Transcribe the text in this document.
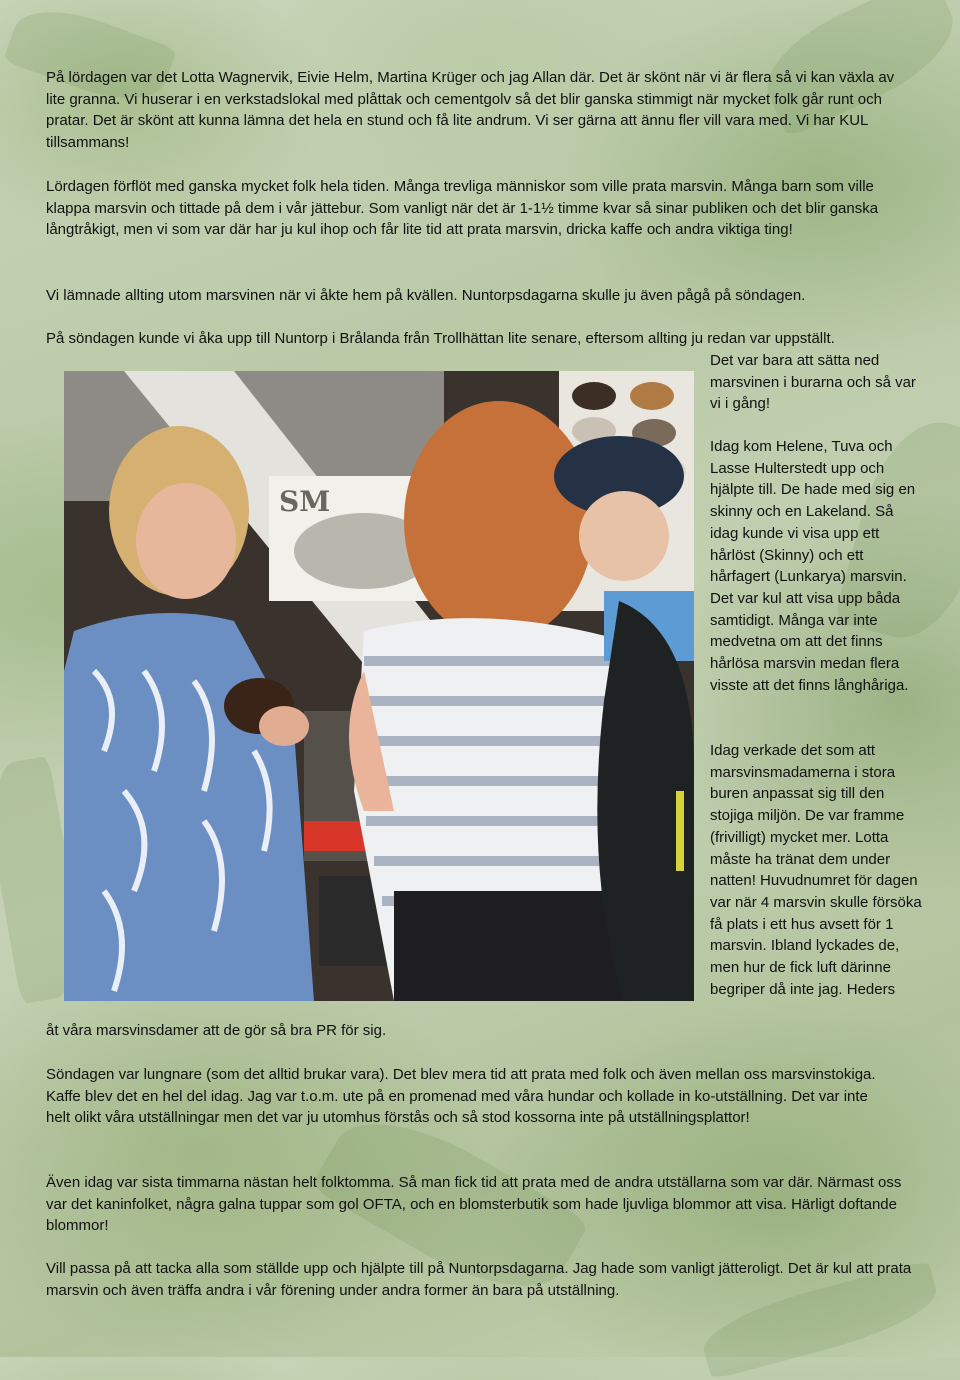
På lördagen var det Lotta Wagnervik, Eivie Helm, Martina Krüger och jag Allan där. Det är skönt när vi är flera så vi kan växla av lite granna. Vi huserar i en verkstadslokal med plåttak och cementgolv så det blir ganska stimmigt när mycket folk går runt och pratar. Det är skönt att kunna lämna det hela en stund och få lite andrum. Vi ser gärna att ännu fler vill vara med. Vi har KUL tillsammans!

Lördagen förflöt med ganska mycket folk hela tiden. Många trevliga människor som ville prata marsvin. Många barn som ville klappa marsvin och tittade på dem i vår jättebur. Som vanligt när det är 1-1½ timme kvar så sinar publiken och det blir ganska långtråkigt, men vi som var där har ju kul ihop och får lite tid att prata marsvin, dricka kaffe och andra viktiga ting!

Vi lämnade allting utom marsvinen när vi åkte hem på kvällen. Nuntorpsdagarna skulle ju även pågå på söndagen.

På söndagen kunde vi åka upp till Nuntorp i Brålanda från Trollhättan lite senare, eftersom allting ju redan var uppställt.

Det var bara att sätta ned marsvinen i burarna och så var vi i gång!

Idag kom Helene, Tuva och Lasse Hulterstedt upp och hjälpte till. De hade med sig en skinny och en Lakeland. Så idag kunde vi visa upp ett hårlöst (Skinny) och ett hårfagert (Lunkarya) marsvin. Det var kul att visa upp båda samtidigt. Många var inte medvetna om att det finns hårlösa marsvin medan flera visste att det finns långhåriga.

Idag verkade det som att marsvinsmadamerna i stora buren anpassat sig till den stojiga miljön. De var framme (frivilligt) mycket mer. Lotta måste ha tränat dem under natten! Huvudnumret för dagen var när 4 marsvin skulle försöka få plats i ett hus avsett för 1 marsvin. Ibland lyckades de, men hur de fick luft därinne begriper då inte jag. Heders

SM

åt våra marsvinsdamer att de gör så bra PR för sig.

Söndagen var lungnare (som det alltid brukar vara). Det blev mera tid att prata med folk och även mellan oss marsvinstokiga. Kaffe blev det en hel del idag. Jag var t.o.m. ute på en promenad med våra hundar och kollade in ko-utställning. Det var inte helt olikt våra utställningar men det var ju utomhus förstås och så stod kossorna inte på utställningsplattor!

Även idag var sista timmarna nästan helt folktomma. Så man fick tid att prata med de andra utställarna som var där. Närmast oss var det kaninfolket, några galna tuppar som gol OFTA, och en blomsterbutik som hade ljuvliga blommor att visa. Härligt doftande blommor!

Vill passa på att tacka alla som ställde upp och hjälpte till på Nuntorpsdagarna. Jag hade som vanligt jätteroligt. Det är kul att prata marsvin och även träffa andra i vår förening under andra former än bara på utställning.
